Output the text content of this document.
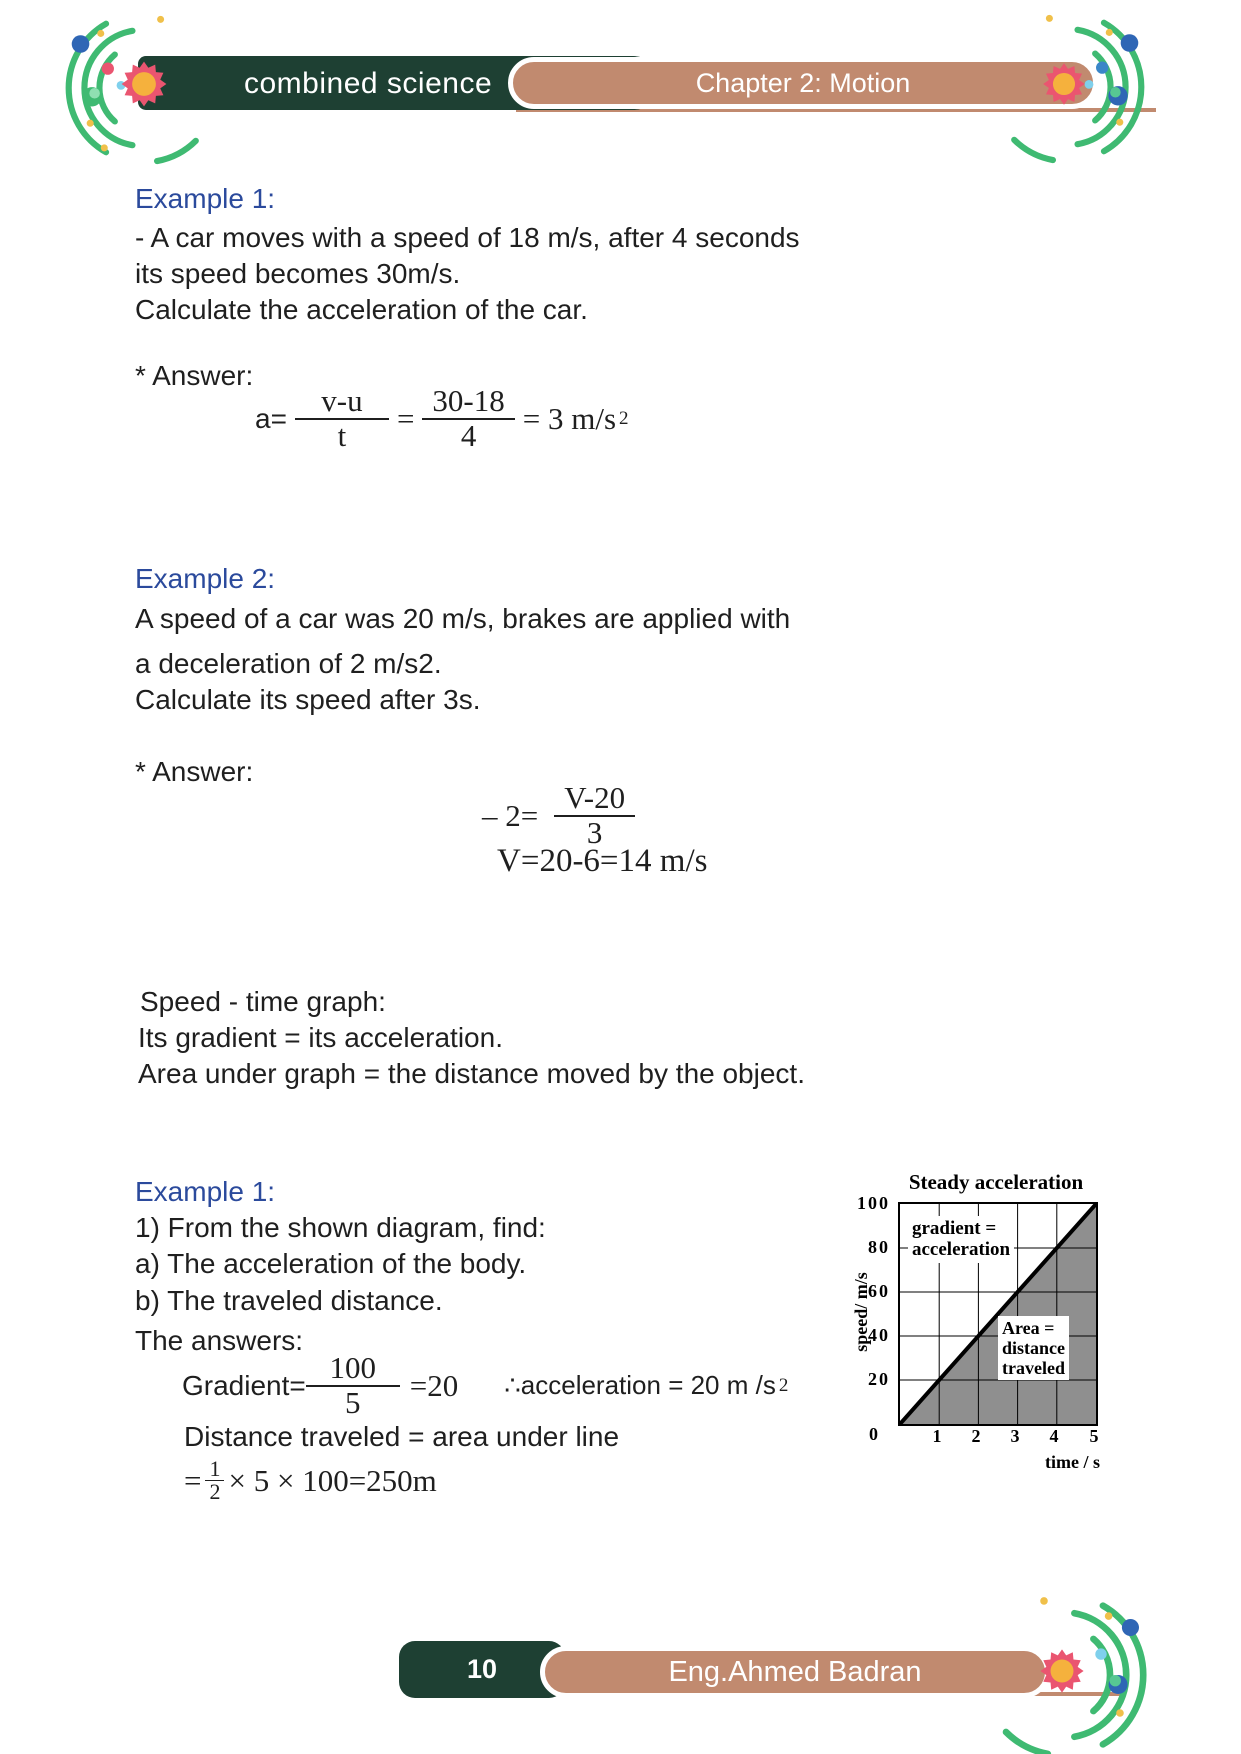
combined science	Chapter 2: Motion
Example 1:
- A car moves with a speed of 18 m/s, after 4 seconds
its speed becomes 30m/s.
Calculate the acceleration of the car.
* Answer:
$a= \frac{v-u}{t} = \frac{30-18}{4} = 3$ m/s 2
Example 2:
A speed of a car was 20 m/s, brakes are applied with
a deceleration of 2 m/s2.
Calculate its speed after 3s.
* Answer:
– $2= \frac{V-20}{3}$
V=20-6=14 m/s
Speed - time graph:
Its gradient = its acceleration.
Area under graph = the distance moved by the object.
Example 1:
1) From the shown diagram, find:
a) The acceleration of the body.
b) The traveled distance.
The answers:
Gradient= $\frac{100}{5} =20$ ∴acceleration = 20 m /s 2
Distance traveled = area under line
= $\frac{1}{2} \times 5 \times 100=250m$
Steady acceleration
speed/ m/s
gradient =
acceleration
Area =
distance
traveled
100
80
60
40
20
0	1	2	3	4	5
time / s
10	Eng.Ahmed Badran
